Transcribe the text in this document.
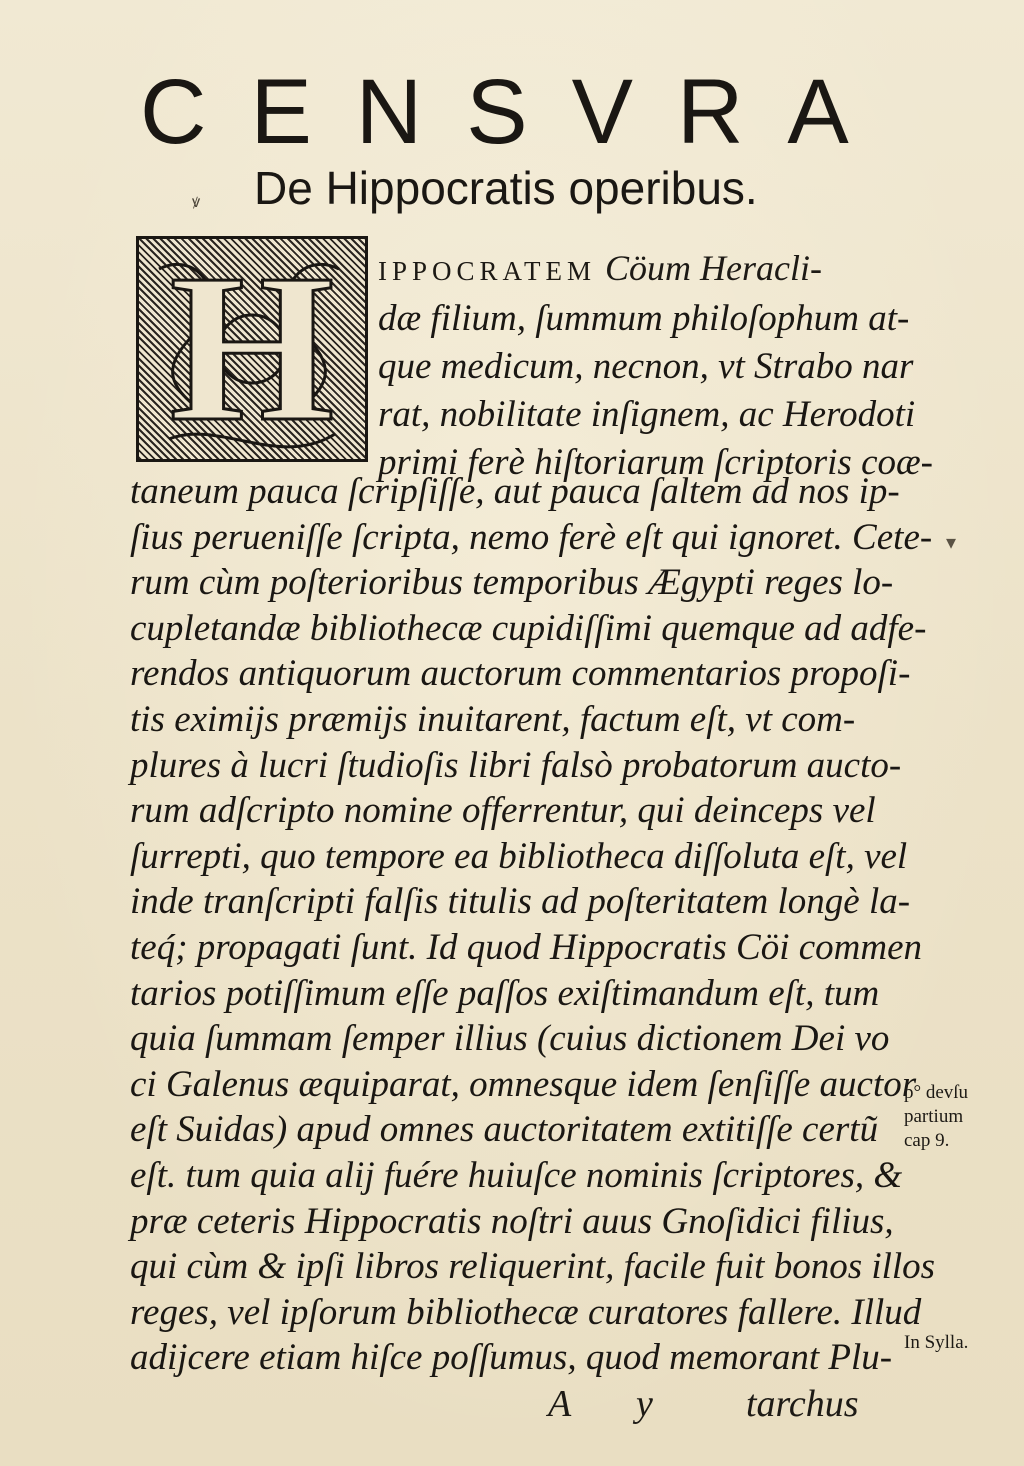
CENSVRA
De Hippocratis operibus.
ꝟ
H	IPPOCRATEM Cöum Heracli-
dæ filium, ſummum philoſophum at-
que medicum, necnon, vt Strabo nar
rat, nobilitate inſignem, ac Herodoti
primi ferè hiſtoriarum ſcriptoris coæ-
taneum pauca ſcripſiſſe, aut pauca ſaltem ad nos ip-
ſius perueniſſe ſcripta, nemo ferè eſt qui ignoret. Cete-
rum cùm poſterioribus temporibus Ægypti reges lo-
cupletandæ bibliothecæ cupidiſſimi quemque ad adfe-
rendos antiquorum auctorum commentarios propoſi-
tis eximijs præmijs inuitarent, factum eſt, vt com-
plures à lucri ſtudioſis libri falsò probatorum aucto-
rum adſcripto nomine offerrentur, qui deinceps vel
ſurrepti, quo tempore ea bibliotheca diſſoluta eſt, vel
inde tranſcripti falſis titulis ad poſteritatem longè la-
teq́; propagati ſunt. Id quod Hippocratis Cöi commen
tarios potiſſimum eſſe paſſos exiſtimandum eſt, tum
quia ſummam ſemper illius (cuius dictionem Dei vo
ci Galenus æquiparat, omnesque idem ſenſiſſe auctor
eſt Suidas) apud omnes auctoritatem extitiſſe certũ
eſt. tum quia alij fuére huiuſce nominis ſcriptores, &
præ ceteris Hippocratis noſtri auus Gnoſidici filius,
qui cùm & ipſi libros reliquerint, facile fuit bonos illos
reges, vel ipſorum bibliothecæ curatores fallere. Illud
adijcere etiam hiſce poſſumus, quod memorant Plu-
A y tarchus
p° devſu
partium
cap 9.
In Sylla.
▾
